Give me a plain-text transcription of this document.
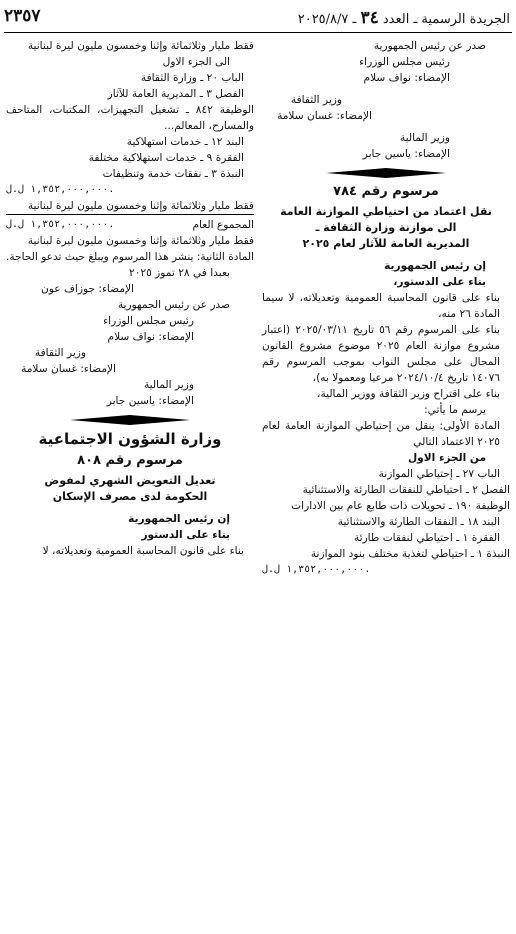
الجريدة الرسمية ـ العدد ٣٤ ـ ٢٠٢٥/٨/٧
٢٣٥٧
صدر عن رئيس الجمهورية
رئيس مجلس الوزراء
الإمضاء: نواف سلام
وزير الثقافة
الإمضاء: غسان سلامة
وزير المالية
الإمضاء: ياسين جابر
مرسوم رقم ٧٨٤
نقل اعتماد من احتياطي الموازنة العامة
الى موازنة وزارة الثقافة ـ
المديرية العامة للآثار لعام ٢٠٢٥
إن رئيس الجمهورية
بناء على الدستور،
بناء على قانون المحاسبة العمومية وتعديلاته، لا سيما المادة ٢٦ منه،
بناء على المرسوم رقم ٥٦ تاريخ ٢٠٢٥/٠٣/١١ (اعتبار مشروع موازنة العام ٢٠٢٥ موضوع مشروع القانون المحال على مجلس النواب بموجب المرسوم رقم ١٤٠٧٦ تاريخ ٢٠٢٤/١٠/٤ مرعيا ومعمولا به)،
بناء على اقتراح وزير الثقافة ووزير المالية،
يرسم ما يأتي:
المادة الأولى: ينقل من إحتياطي الموازنة العامة لعام ٢٠٢٥ الاعتماد التالي
من الجزء الاول
الباب ٢٧ ـ إحتياطي الموازنة
الفصل ٢ ـ احتياطي للنفقات الطارئة والاستثنائية
الوظيفة ١٩٠ ـ تحويلات ذات طابع عام بين الادارات
البند ١٨ ـ النفقات الطارئة والاستثنائية
الفقرة ١ ـ احتياطي لنفقات طارئة
النبذة ١ ـ احتياطي لتغذية مختلف بنود الموازنة
١,٣٥٢,٠٠٠,٠٠٠ ل.ل.
فقط مليار وثلاثمائة وإثنا وخمسون مليون ليرة لبنانية
الى الجزء الاول
الباب ٢٠ ـ وزارة الثقافة
الفصل ٣ ـ المديرية العامة للآثار
الوظيفة ٨٤٢ ـ تشغيل التجهيزات، المكتبات، المتاحف والمسارح، المعالم...
البند ١٢ ـ خدمات استهلاكية
الفقرة ٩ ـ خدمات استهلاكية مختلفة
النبذة ٣ ـ نفقات خدمة وتنظيفات
١,٣٥٢,٠٠٠,٠٠٠ ل.ل.
فقط مليار وثلاثمائة وإثنا وخمسون مليون ليرة لبنانية
المجموع العام
١,٣٥٢,٠٠٠,٠٠٠ ل.ل.
فقط مليار وثلاثمائة وإثنا وخمسون مليون ليرة لبنانية
المادة الثانية: ينشر هذا المرسوم ويبلغ حيث تدعو الحاجة.
بعبدا في ٢٨ تموز ٢٠٢٥
الإمضاء: جوزاف عون
صدر عن رئيس الجمهورية
رئيس مجلس الوزراء
الإمضاء: نواف سلام
وزير الثقافة
الإمضاء: غسان سلامة
وزير المالية
الإمضاء: ياسين جابر
وزارة الشؤون الاجتماعية
مرسوم رقم ٨٠٨
تعديل التعويض الشهري لمفوض
الحكومة لدى مصرف الإسكان
إن رئيس الجمهورية
بناء على الدستور
بناء على قانون المحاسبة العمومية وتعديلاته، لا
